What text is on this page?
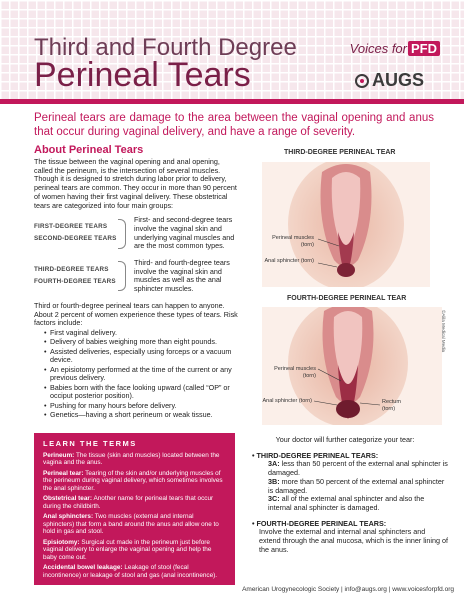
Third and Fourth Degree
Perineal Tears
Voices for PFD
AUGS
Perineal tears are damage to the area between the vaginal opening and anus that occur during vaginal delivery, and have a range of severity.
About Perineal Tears
The tissue between the vaginal opening and anal opening, called the perineum, is the intersection of several muscles. Though it is designed to stretch during labor prior to delivery, perineal tears are common. They occur in more than 90 percent of women having their first vaginal delivery. These obstetrical tears are categorized into four main groups:
FIRST-DEGREE TEARS
SECOND-DEGREE TEARS
First- and second-degree tears involve the vaginal skin and underlying vaginal muscles and are the most common types.
THIRD-DEGREE TEARS
FOURTH-DEGREE TEARS
Third- and fourth-degree tears involve the vaginal skin and muscles as well as the anal sphincter muscles.
Third or fourth-degree perineal tears can happen to anyone. About 2 percent of women experience these types of tears. Risk factors include:
• First vaginal delivery.
• Delivery of babies weighing more than eight pounds.
• Assisted deliveries, especially using forceps or a vacuum device.
• An episiotomy performed at the time of the current or any previous delivery.
• Babies born with the face looking upward (called “OP” or occiput posterior position).
• Pushing for many hours before delivery.
• Genetics—having a short perineum or weak tissue.
THIRD-DEGREE PERINEAL TEAR
Perineal muscles (torn)
Anal sphincter (torn)
FOURTH-DEGREE PERINEAL TEAR
Perineal muscles (torn)
Anal sphincter (torn)	Rectum (torn)
©Alila Medical Media
LEARN THE TERMS
Perineum: The tissue (skin and muscles) located between the vagina and the anus.
Perineal tear: Tearing of the skin and/or underlying muscles of the perineum during vaginal delivery, which sometimes involves the anal sphincter.
Obstetrical tear: Another name for perineal tears that occur during the childbirth.
Anal sphincters: Two muscles (external and internal sphincters) that form a band around the anus and allow one to hold in gas and stool.
Episiotomy: Surgical cut made in the perineum just before vaginal delivery to enlarge the vaginal opening and help the baby come out.
Accidental bowel leakage: Leakage of stool (fecal incontinence) or leakage of stool and gas (anal incontinence).
Your doctor will further categorize your tear:
• THIRD-DEGREE PERINEAL TEARS:
3A: less than 50 percent of the external anal sphincter is damaged.
3B: more than 50 percent of the external anal sphincter is damaged.
3C: all of the external anal sphincter and also the internal anal sphincter is damaged.
• FOURTH-DEGREE PERINEAL TEARS:
Involve the external and internal anal sphincters and extend through the anal mucosa, which is the inner lining of the anus.
American Urogynecologic Society | info@augs.org | www.voicesforpfd.org
